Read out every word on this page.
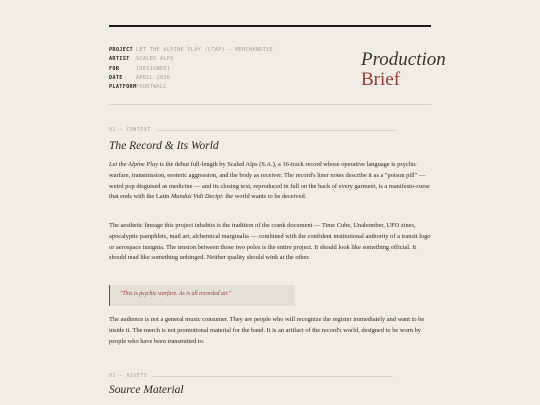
PROJECT LET THE ALPINE PLAY (LTAP) — MERCHANDISE
ARTIST	SCALED ALPS
FOR	[DESIGNER]
DATE	APRIL 2026
PLATFORM FOORTWALL
Production
Brief
01 — CONTEXT
The Record & Its World
Let the Alpine Play is the debut full-length by Scaled Alps (S.A.), a 16-track record whose operative language is psychic warfare, transmission, esoteric aggression, and the body as receiver. The record's liner notes describe it as a "poison pill" — weird pop disguised as medicine — and its closing text, reproduced in full on the back of every garment, is a manifesto-curse that ends with the Latin Mundus Vult Decipi: the world wants to be deceived.
The aesthetic lineage this project inhabits is the tradition of the crank document — Time Cube, Unabomber, UFO zines, apocalyptic pamphlets, mail art, alchemical marginalia — combined with the confident institutional authority of a transit logo or aerospace insignia. The tension between those two poles is the entire project. It should look like something official. It should read like something unhinged. Neither quality should wink at the other.
"This is psychic warfare. As is all recorded air."
The audience is not a general music consumer. They are people who will recognize the register immediately and want to be inside it. The merch is not promotional material for the band. It is an artifact of the record's world, designed to be worn by people who have been transmitted to.
02 — ASSETS
Source Material
